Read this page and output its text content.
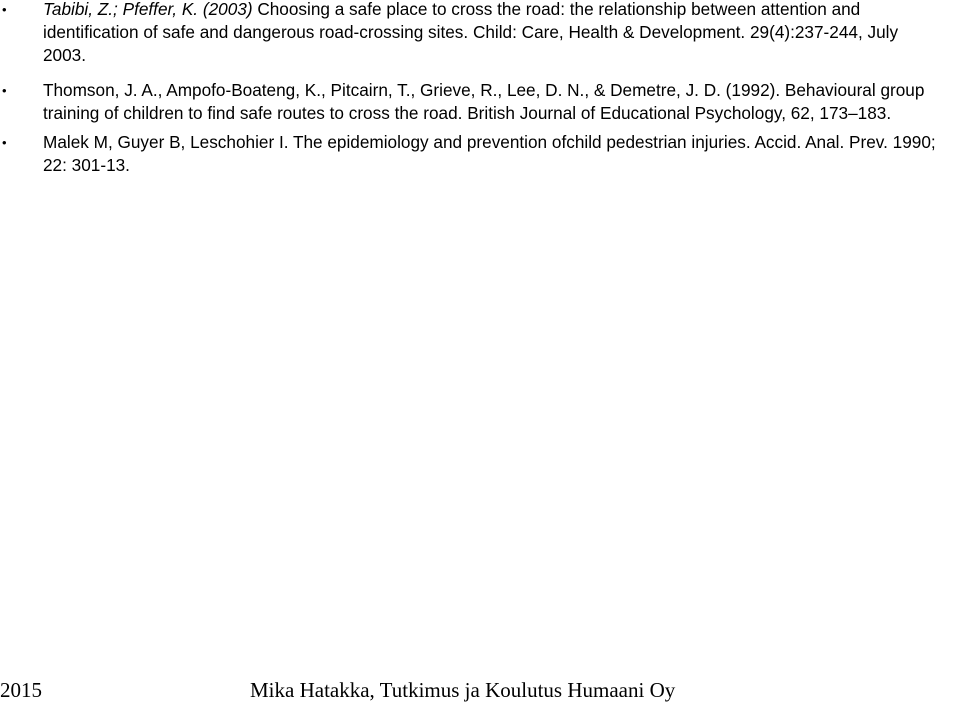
• Tabibi, Z.; Pfeffer, K. (2003) Choosing a safe place to cross the road: the relationship between attention and identification of safe and dangerous road-crossing sites. Child: Care, Health & Development. 29(4):237-244, July 2003.
• Thomson, J. A., Ampofo-Boateng, K., Pitcairn, T., Grieve, R., Lee, D. N., & Demetre, J. D. (1992). Behavioural group training of children to find safe routes to cross the road. British Journal of Educational Psychology, 62, 173–183.
• Malek M, Guyer B, Leschohier I. The epidemiology and prevention ofchild pedestrian injuries. Accid. Anal. Prev. 1990; 22: 301-13.
2015	Mika Hatakka, Tutkimus ja Koulutus Humaani Oy
